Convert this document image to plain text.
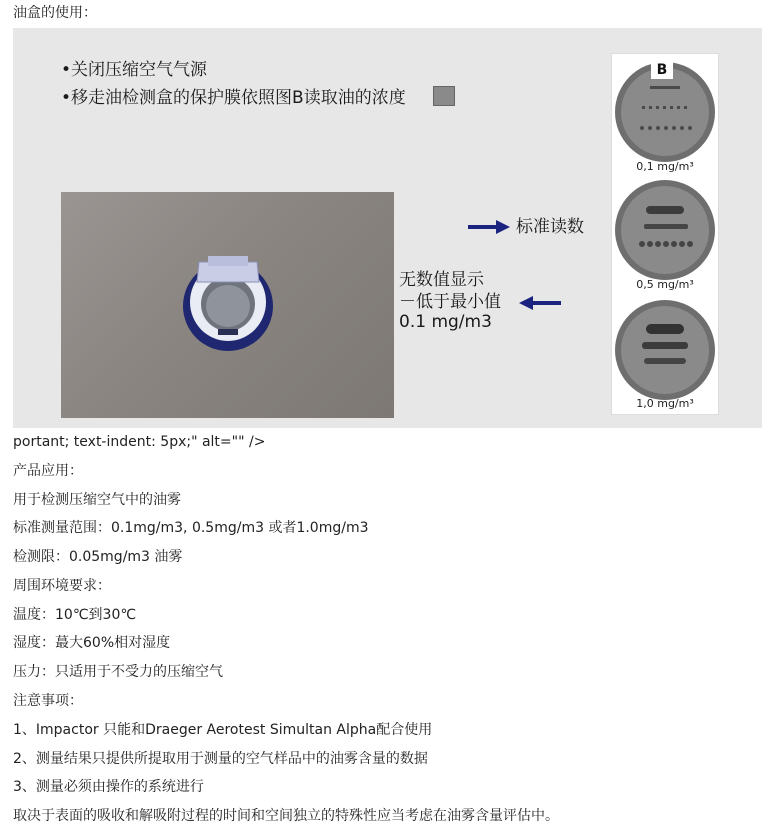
油盒的使用：
•关闭压缩空气气源
•移走油检测盒的保护膜依照图B读取油的浓度
标准读数
无数值显示
－低于最小值
0.1 mg/m3
B
0,1 mg/m³
0,5 mg/m³
1,0 mg/m³
portant; text-indent: 5px;" alt="" />
产品应用：
用于检测压缩空气中的油雾
标准测量范围：0.1mg/m3, 0.5mg/m3 或者1.0mg/m3
检测限：0.05mg/m3 油雾
周围环境要求：
温度：10℃到30℃
湿度：蕞大60%相对湿度
压力：只适用于不受力的压缩空气
注意事项：
1、Impactor 只能和Draeger Aerotest Simultan Alpha配合使用
2、测量结果只提供所提取用于测量的空气样品中的油雾含量的数据
3、测量必须由操作的系统进行
取决于表面的吸收和解吸附过程的时间和空间独立的特殊性应当考虑在油雾含量评估中。
